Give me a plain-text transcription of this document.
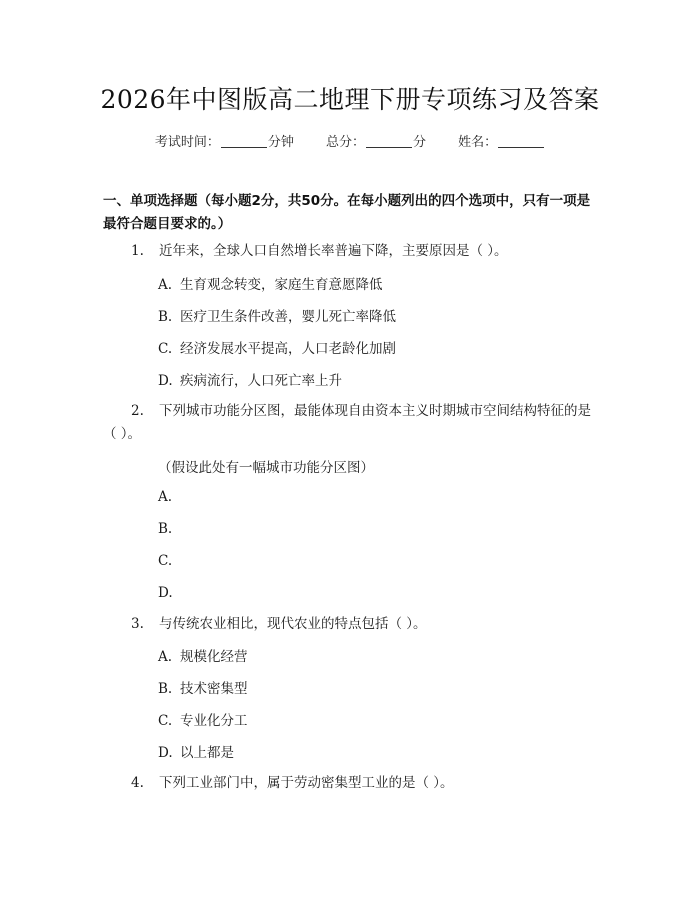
2026年中图版高二地理下册专项练习及答案
考试时间：	分钟 总分：	分 姓名：
一、单项选择题（每小题2分，共50分。在每小题列出的四个选项中，只有一项是最符合题目要求的。）
1. 近年来，全球人口自然增长率普遍下降，主要原因是（ ）。
A. 生育观念转变，家庭生育意愿降低
B. 医疗卫生条件改善，婴儿死亡率降低
C. 经济发展水平提高，人口老龄化加剧
D. 疾病流行，人口死亡率上升
2. 下列城市功能分区图，最能体现自由资本主义时期城市空间结构特征的是
（ ）。
（假设此处有一幅城市功能分区图）
A.
B.
C.
D.
3. 与传统农业相比，现代农业的特点包括（ ）。
A. 规模化经营
B. 技术密集型
C. 专业化分工
D. 以上都是
4. 下列工业部门中，属于劳动密集型工业的是（ ）。
